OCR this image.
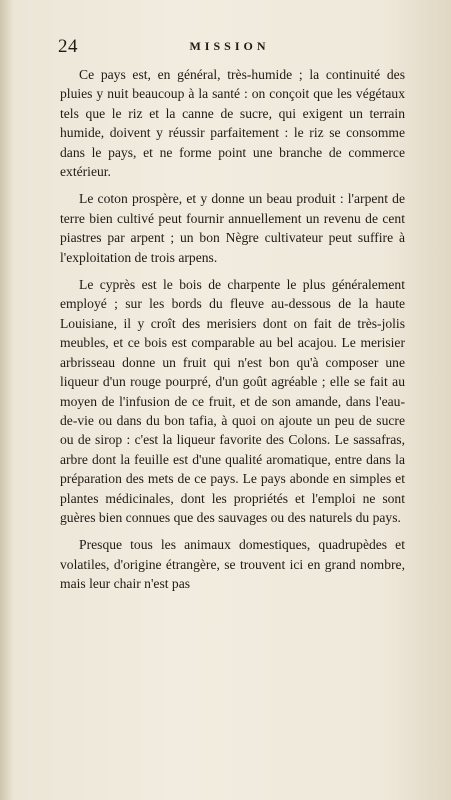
24	MISSION

Ce pays est, en général, très-humide ; la continuité des pluies y nuit beaucoup à la santé : on conçoit que les végétaux tels que le riz et la canne de sucre, qui exigent un terrain humide, doivent y réussir parfaitement : le riz se consomme dans le pays, et ne forme point une branche de commerce extérieur.

Le coton prospère, et y donne un beau produit : l'arpent de terre bien cultivé peut fournir annuellement un revenu de cent piastres par arpent ; un bon Nègre cultivateur peut suffire à l'exploitation de trois arpens.

Le cyprès est le bois de charpente le plus généralement employé ; sur les bords du fleuve au-dessous de la haute Louisiane, il y croît des merisiers dont on fait de très-jolis meubles, et ce bois est comparable au bel acajou. Le merisier arbrisseau donne un fruit qui n'est bon qu'à composer une liqueur d'un rouge pourpré, d'un goût agréable ; elle se fait au moyen de l'infusion de ce fruit, et de son amande, dans l'eau-de-vie ou dans du bon tafia, à quoi on ajoute un peu de sucre ou de sirop : c'est la liqueur favorite des Colons. Le sassafras, arbre dont la feuille est d'une qualité aromatique, entre dans la préparation des mets de ce pays. Le pays abonde en simples et plantes médicinales, dont les propriétés et l'emploi ne sont guères bien connues que des sauvages ou des naturels du pays.

Presque tous les animaux domestiques, quadrupèdes et volatiles, d'origine étrangère, se trouvent ici en grand nombre, mais leur chair n'est pas
